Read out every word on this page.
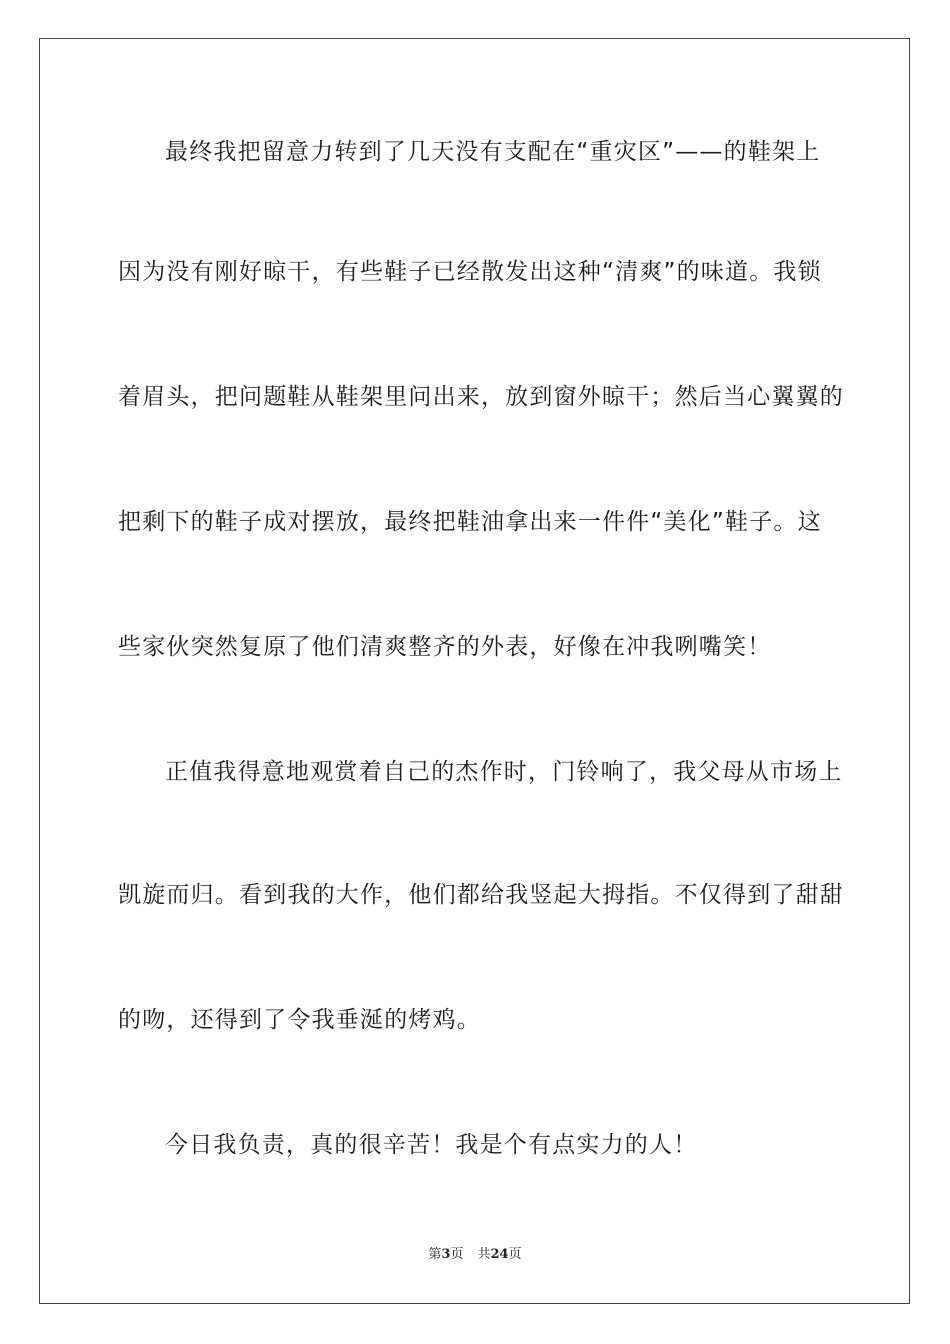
最终我把留意力转到了几天没有支配在“重灾区”——的鞋架上
因为没有刚好晾干，有些鞋子已经散发出这种“清爽”的味道。我锁
着眉头，把问题鞋从鞋架里问出来，放到窗外晾干；然后当心翼翼的
把剩下的鞋子成对摆放，最终把鞋油拿出来一件件“美化”鞋子。这
些家伙突然复原了他们清爽整齐的外表，好像在冲我咧嘴笑！
正值我得意地观赏着自己的杰作时，门铃响了，我父母从市场上
凯旋而归。看到我的大作，他们都给我竖起大拇指。不仅得到了甜甜
的吻，还得到了令我垂涎的烤鸡。
今日我负责，真的很辛苦！我是个有点实力的人！
第3页 共24页
